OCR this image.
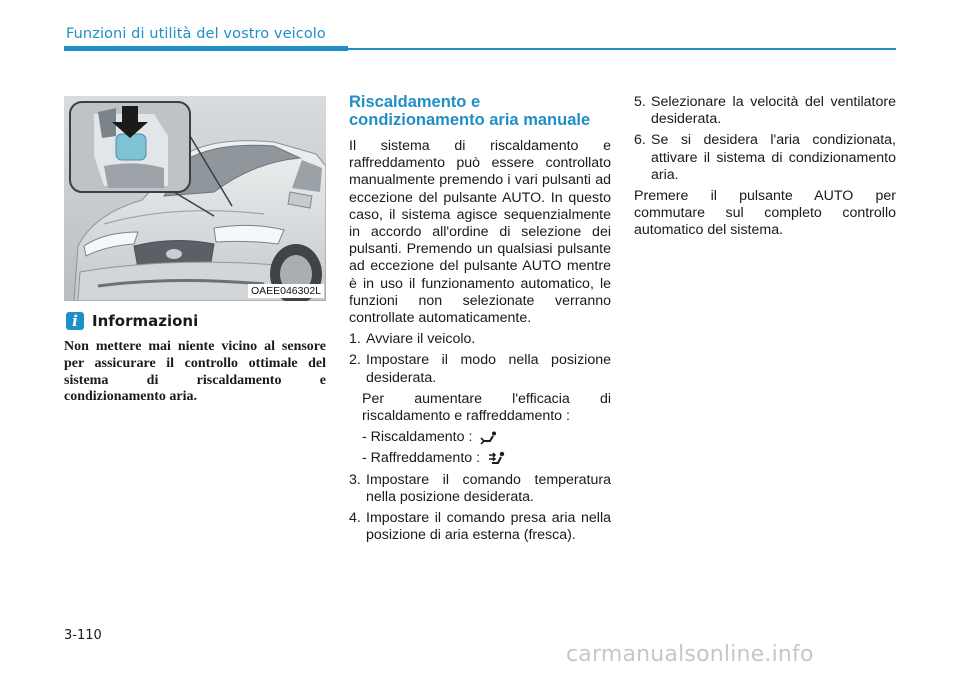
Funzioni di utilità del vostro veicolo
OAEE046302L
i Informazioni
Non mettere mai niente vicino al sensore per assicurare il controllo ottimale del sistema di riscaldamento e condizionamento aria.
Riscaldamento e
condizionamento aria manuale

Il sistema di riscaldamento e raffreddamento può essere controllato manualmente premendo i vari pulsanti ad eccezione del pulsante AUTO. In questo caso, il sistema agisce sequenzialmente in accordo all'ordine di selezione dei pulsanti. Premendo un qualsiasi pulsante ad eccezione del pulsante AUTO mentre è in uso il funzionamento automatico, le funzioni non selezionate verranno controllate automaticamente.

1. Avviare il veicolo.
2. Impostare il modo nella posizione desiderata.

Per aumentare l'efficacia di riscaldamento e raffreddamento :

- Riscaldamento :
- Raffreddamento :
3. Impostare il comando temperatura nella posizione desiderata.
4. Impostare il comando presa aria nella posizione di aria esterna (fresca).
5. Selezionare la velocità del ventilatore desiderata.
6. Se si desidera l'aria condizionata, attivare il sistema di condizionamento aria.

Premere il pulsante AUTO per commutare sul completo controllo automatico del sistema.

3-110
carmanualsonline.info
